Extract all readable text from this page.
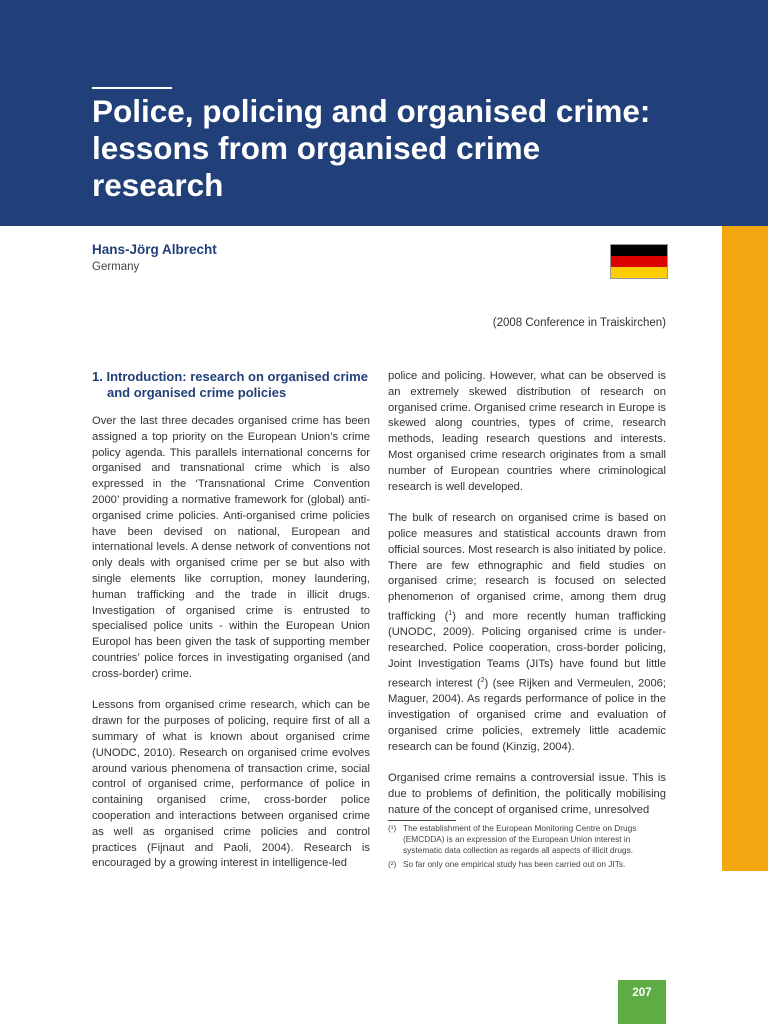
Police, policing and organised crime: lessons from organised crime research
Hans-Jörg Albrecht
Germany
(2008 Conference in Traiskirchen)
1. Introduction: research on organised crime and organised crime policies

Over the last three decades organised crime has been assigned a top priority on the European Union’s crime policy agenda. This parallels international concerns for organised and transnational crime which is also expressed in the ‘Transnational Crime Convention 2000’ providing a normative framework for (global) anti-organised crime policies. Anti-organised crime policies have been devised on national, European and international levels. A dense network of conventions not only deals with organised crime per se but also with single elements like corruption, money laundering, human trafficking and the trade in illicit drugs. Investigation of organised crime is entrusted to specialised police units - within the European Union Europol has been given the task of supporting member countries’ police forces in investigating organised (and cross-border) crime.

Lessons from organised crime research, which can be drawn for the purposes of policing, require first of all a summary of what is known about organised crime (UNODC, 2010). Research on organised crime evolves around various phenomena of transaction crime, social control of organised crime, performance of police in containing organised crime, cross-border police cooperation and interactions between organised crime as well as organised crime policies and control practices (Fijnaut and Paoli, 2004). Research is encouraged by a growing interest in intelligence-led

police and policing. However, what can be observed is an extremely skewed distribution of research on organised crime. Organised crime research in Europe is skewed along countries, types of crime, research methods, leading research questions and interests. Most organised crime research originates from a small number of European countries where criminological research is well developed.

The bulk of research on organised crime is based on police measures and statistical accounts drawn from official sources. Most research is also initiated by police. There are few ethnographic and field studies on organised crime; research is focused on selected phenomenon of organised crime, among them drug trafficking ($^1$) and more recently human trafficking (UNODC, 2009). Policing organised crime is under-researched. Police cooperation, cross-border policing, Joint Investigation Teams (JITs) have found but little research interest ($^2$) (see Rijken and Vermeulen, 2006; Maguer, 2004). As regards performance of police in the investigation of organised crime and evaluation of organised crime policies, extremely little academic research can be found (Kinzig, 2004).

Organised crime remains a controversial issue. This is due to problems of definition, the politically mobilising nature of the concept of organised crime, unresolved

(¹) The establishment of the European Monitoring Centre on Drugs (EMCDDA) is an expression of the European Union interest in systematic data collection as regards all aspects of illicit drugs.
(²) So far only one empirical study has been carried out on JITs.
207
